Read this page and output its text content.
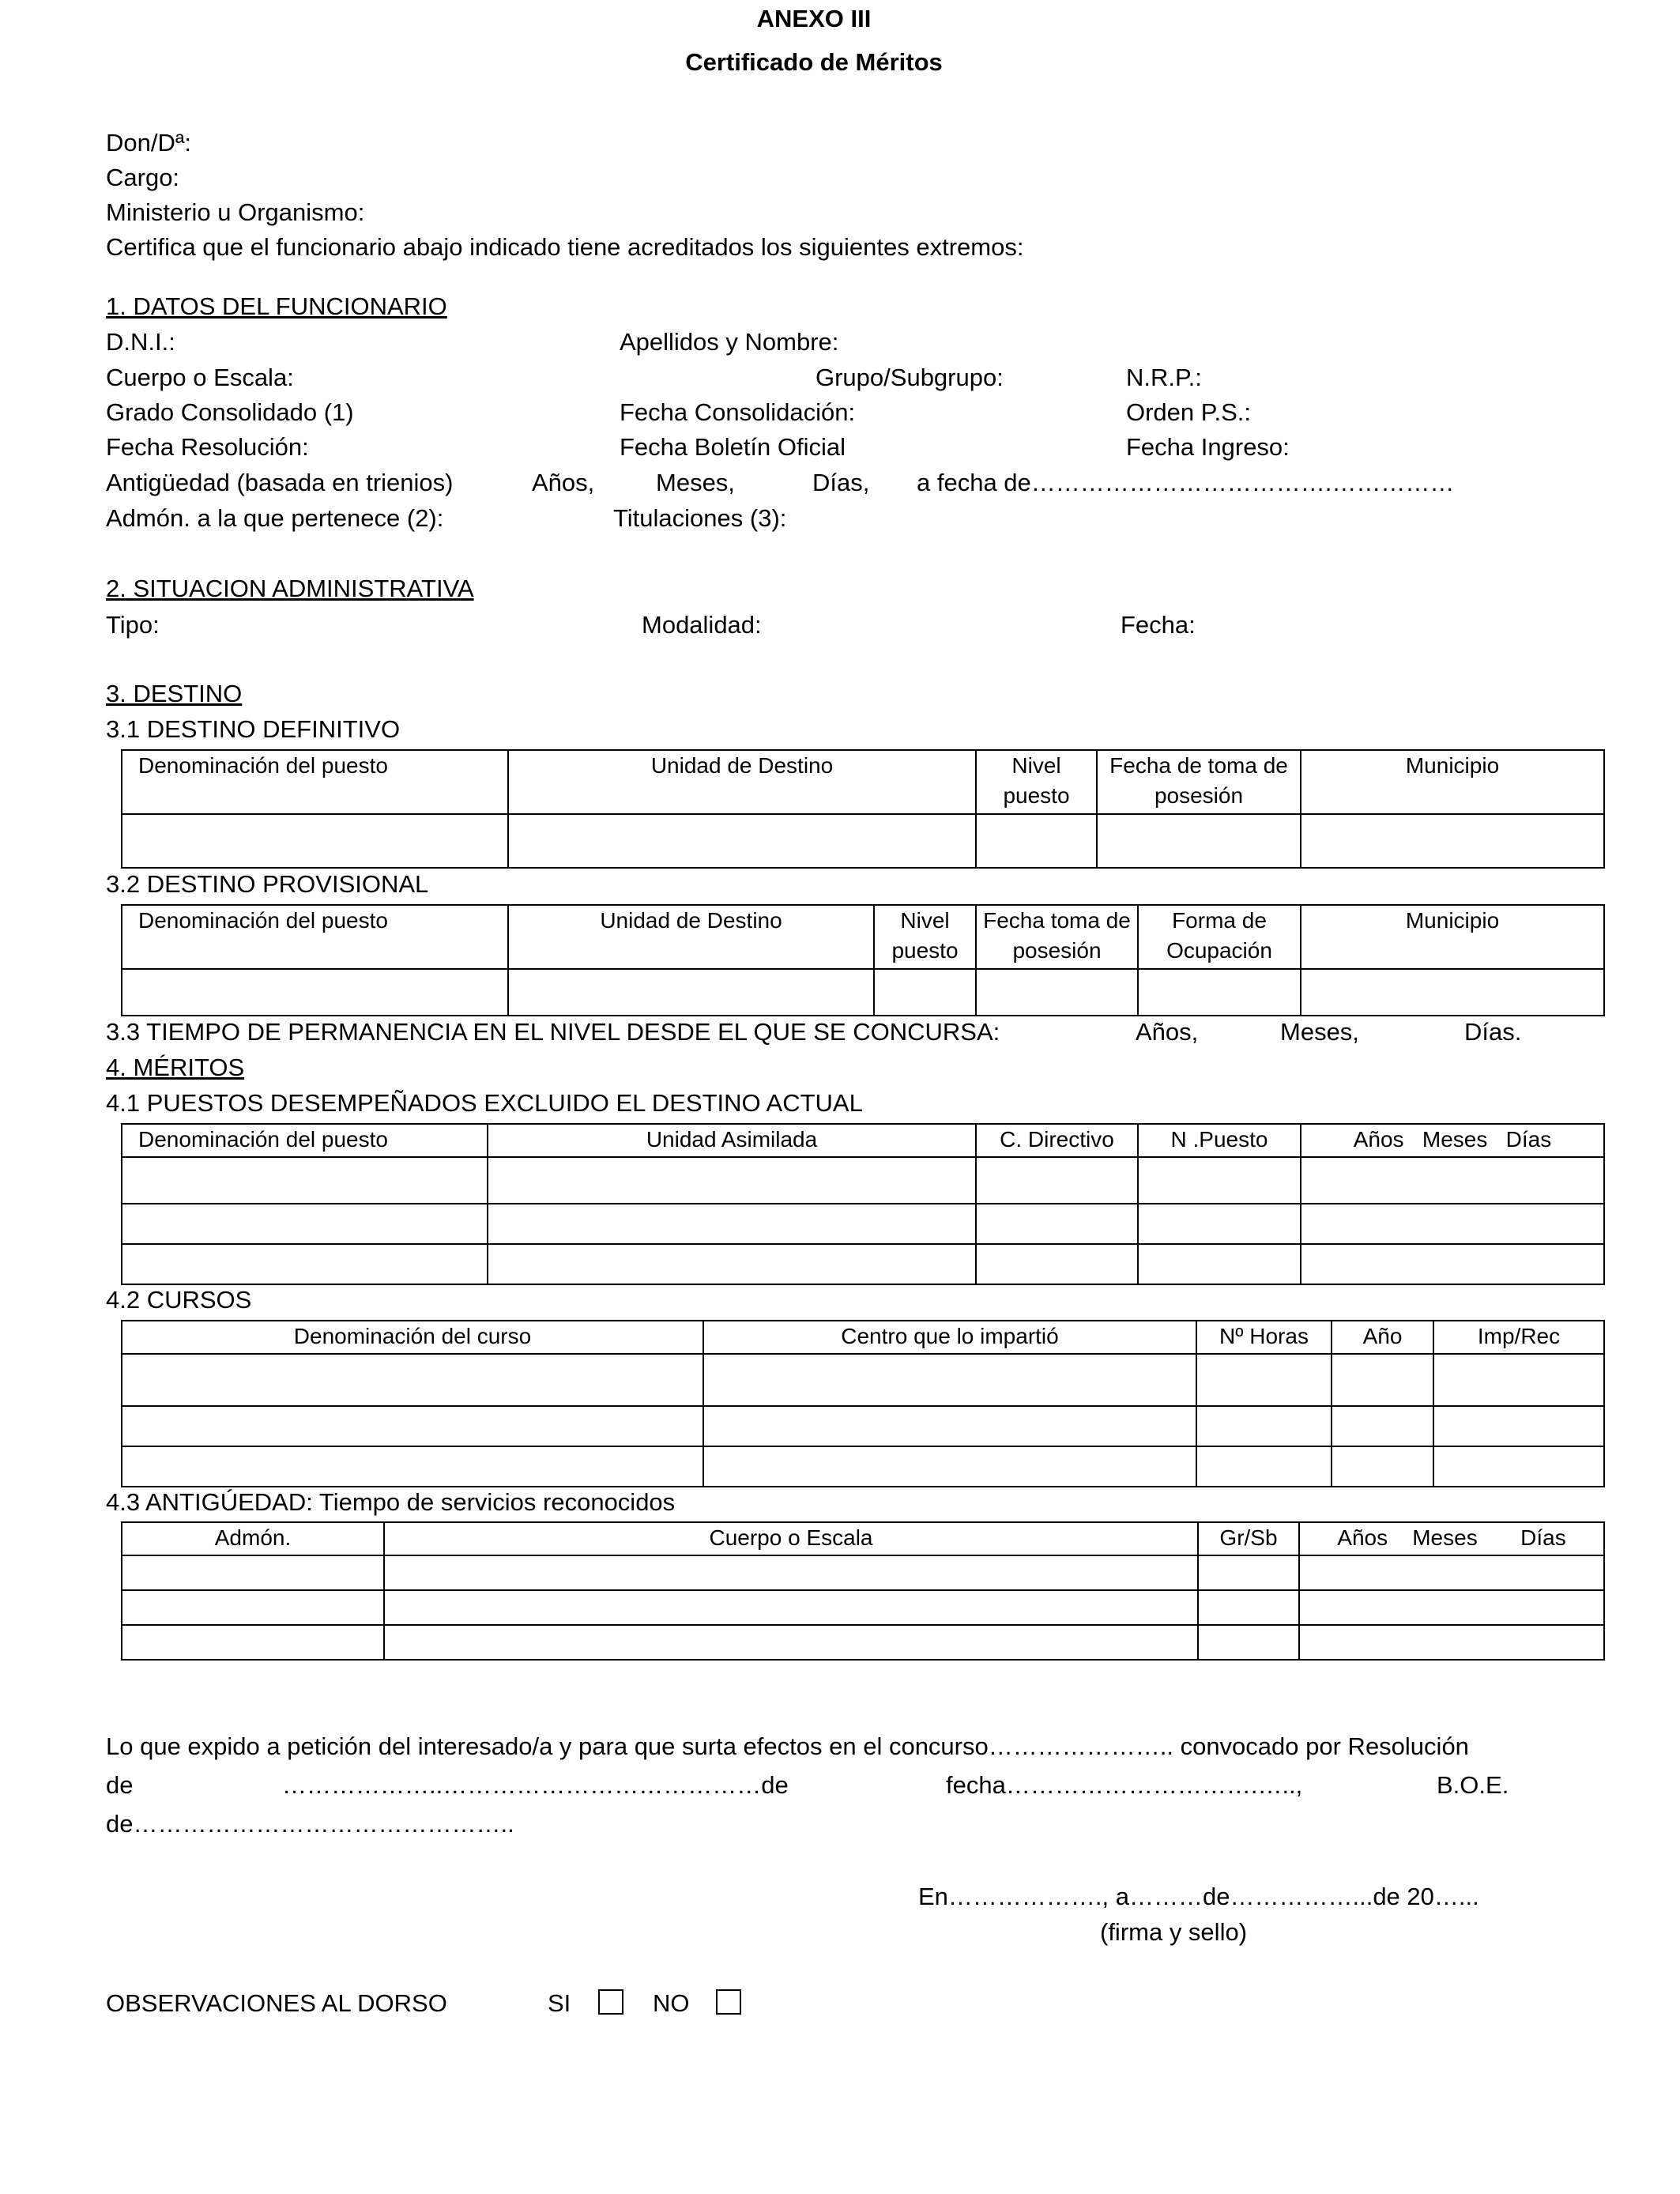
ANEXO III
Certificado de Méritos
Don/Dª:
Cargo:
Ministerio u Organismo:
Certifica que el funcionario abajo indicado tiene acreditados los siguientes extremos:
1. DATOS DEL FUNCIONARIO
D.N.I.:	Apellidos y Nombre:
Cuerpo o Escala:	Grupo/Subgrupo:	N.R.P.:
Grado Consolidado (1)	Fecha Consolidación:	Orden P.S.:
Fecha Resolución:	Fecha Boletín Oficial	Fecha Ingreso:
Antigüedad (basada en trienios)	Años,	Meses,	Días, a fecha de……………………………….……………
Admón. a la que pertenece (2):	Titulaciones (3):
2. SITUACION ADMINISTRATIVA
Tipo:	Modalidad:	Fecha:
3. DESTINO
3.1 DESTINO DEFINITIVO
Denominación del puesto	Unidad de Destino	Nivel puesto	Fecha de toma de posesión	Municipio

3.2 DESTINO PROVISIONAL
Denominación del puesto	Unidad de Destino	Nivel puesto	Fecha toma de posesión	Forma de Ocupación	Municipio

3.3 TIEMPO DE PERMANENCIA EN EL NIVEL DESDE EL QUE SE CONCURSA:	Años,	Meses,	Días.
4. MÉRITOS
4.1 PUESTOS DESEMPEÑADOS EXCLUIDO EL DESTINO ACTUAL
Denominación del puesto	Unidad Asimilada	C. Directivo	N .Puesto	Años   Meses   Días

4.2 CURSOS
Denominación del curso	Centro que lo impartió	Nº Horas	Año	Imp/Rec

4.3 ANTIGÚEDAD: Tiempo de servicios reconocidos
Admón.	Cuerpo o Escala	Gr/Sb	Años    Meses       Días

Lo que expido a petición del interesado/a y para que surta efectos en el concurso………………….. convocado por Resolución
de	………………..…………………………………de	fecha………………………….…..,	B.O.E.
de………………………………………..
En………………., a………de……………...de 20…...
(firma y sello)
OBSERVACIONES AL DORSO	SI	NO
